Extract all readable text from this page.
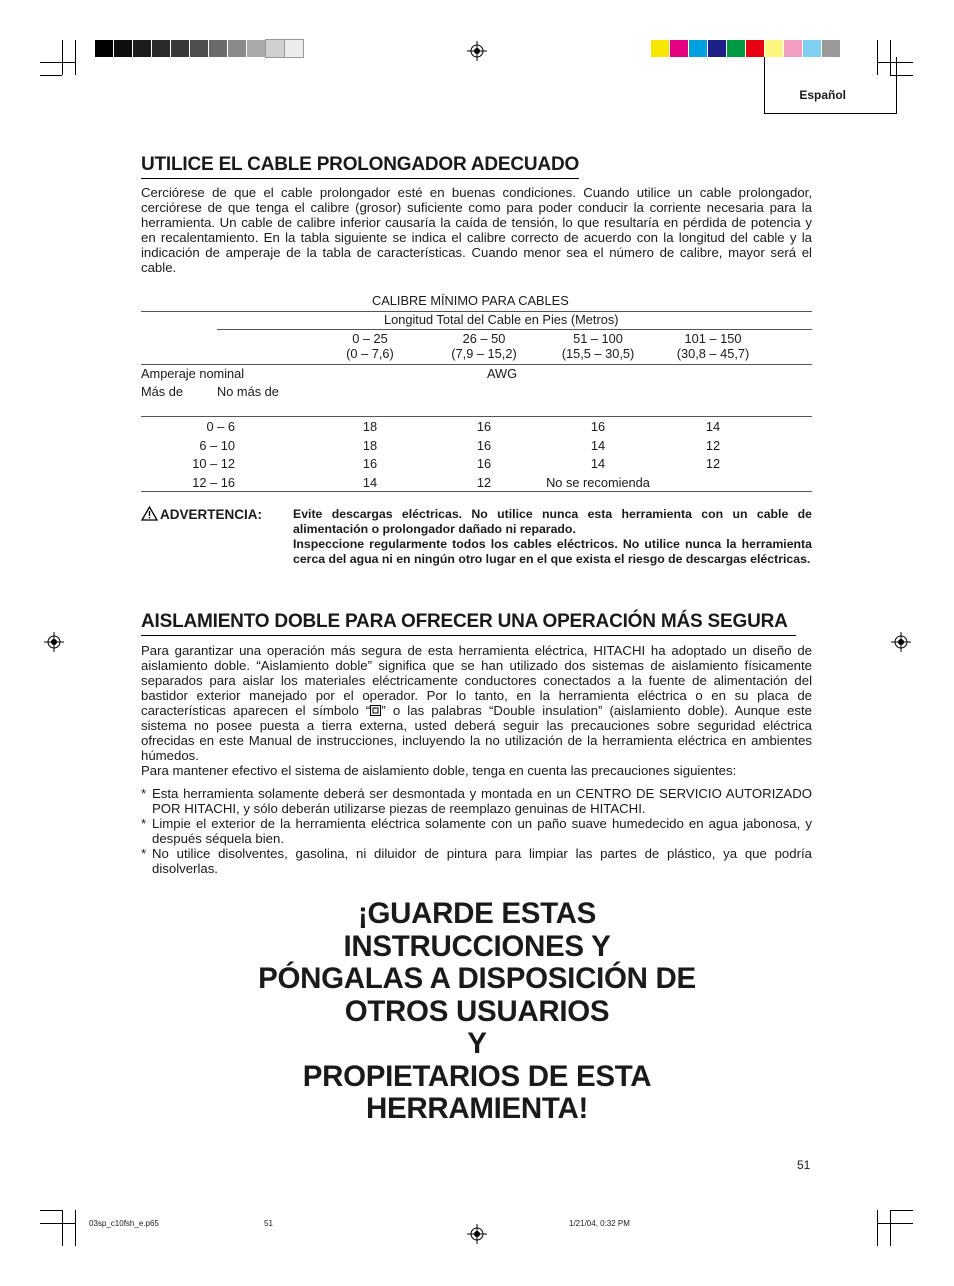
Español
UTILICE EL CABLE PROLONGADOR ADECUADO

Cerciórese de que el cable prolongador esté en buenas condiciones. Cuando utilice un cable prolongador, cerciórese de que tenga el calibre (grosor) suficiente como para poder conducir la corriente necesaria para la herramienta. Un cable de calibre inferior causaría la caída de tensión, lo que resultaría en pérdida de potencia y en recalentamiento. En la tabla siguiente se indica el calibre correcto de acuerdo con la longitud del cable y la indicación de amperaje de la tabla de características. Cuando menor sea el número de calibre, mayor será el cable.

CALIBRE MÍNIMO PARA CABLES
Longitud Total del Cable en Pies (Metros)
0 – 25
(0 – 7,6)
26 – 50
(7,9 – 15,2)
51 – 100
(15,5 – 30,5)
101 – 150
(30,8 – 45,7)
Amperaje nominal	AWG
Más de	No más de
0 – 6	18	16	16	14
6 – 10	18	16	14	12
10 – 12	16	16	14	12
12 – 16	14	12	No se recomienda
ADVERTENCIA:	Evite descargas eléctricas. No utilice nunca esta herramienta con un cable de alimentación o prolongador dañado ni reparado.

Inspeccione regularmente todos los cables eléctricos. No utilice nunca la herramienta cerca del agua ni en ningún otro lugar en el que exista el riesgo de descargas eléctricas.

AISLAMIENTO DOBLE PARA OFRECER UNA OPERACIÓN MÁS SEGURA

Para garantizar una operación más segura de esta herramienta eléctrica, HITACHI ha adoptado un diseño de aislamiento doble. “Aislamiento doble” significa que se han utilizado dos sistemas de aislamiento físicamente separados para aislar los materiales eléctricamente conductores conectados a la fuente de alimentación del bastidor exterior manejado por el operador. Por lo tanto, en la herramienta eléctrica o en su placa de características aparecen el símbolo “ ” o las palabras “Double insulation” (aislamiento doble). Aunque este sistema no posee puesta a tierra externa, usted deberá seguir las precauciones sobre seguridad eléctrica ofrecidas en este Manual de instrucciones, incluyendo la no utilización de la herramienta eléctrica en ambientes húmedos.

Para mantener efectivo el sistema de aislamiento doble, tenga en cuenta las precauciones siguientes:

* Esta herramienta solamente deberá ser desmontada y montada en un CENTRO DE SERVICIO AUTORIZADO POR HITACHI, y sólo deberán utilizarse piezas de reemplazo genuinas de HITACHI.
* Limpie el exterior de la herramienta eléctrica solamente con un paño suave humedecido en agua jabonosa, y después séquela bien.
* No utilice disolventes, gasolina, ni diluidor de pintura para limpiar las partes de plástico, ya que podría disolverlas.
¡GUARDE ESTAS
INSTRUCCIONES Y
PÓNGALAS A DISPOSICIÓN DE
OTROS USUARIOS
Y
PROPIETARIOS DE ESTA
HERRAMIENTA!
51
03sp_c10fsh_e.p65	51	1/21/04, 0:32 PM
